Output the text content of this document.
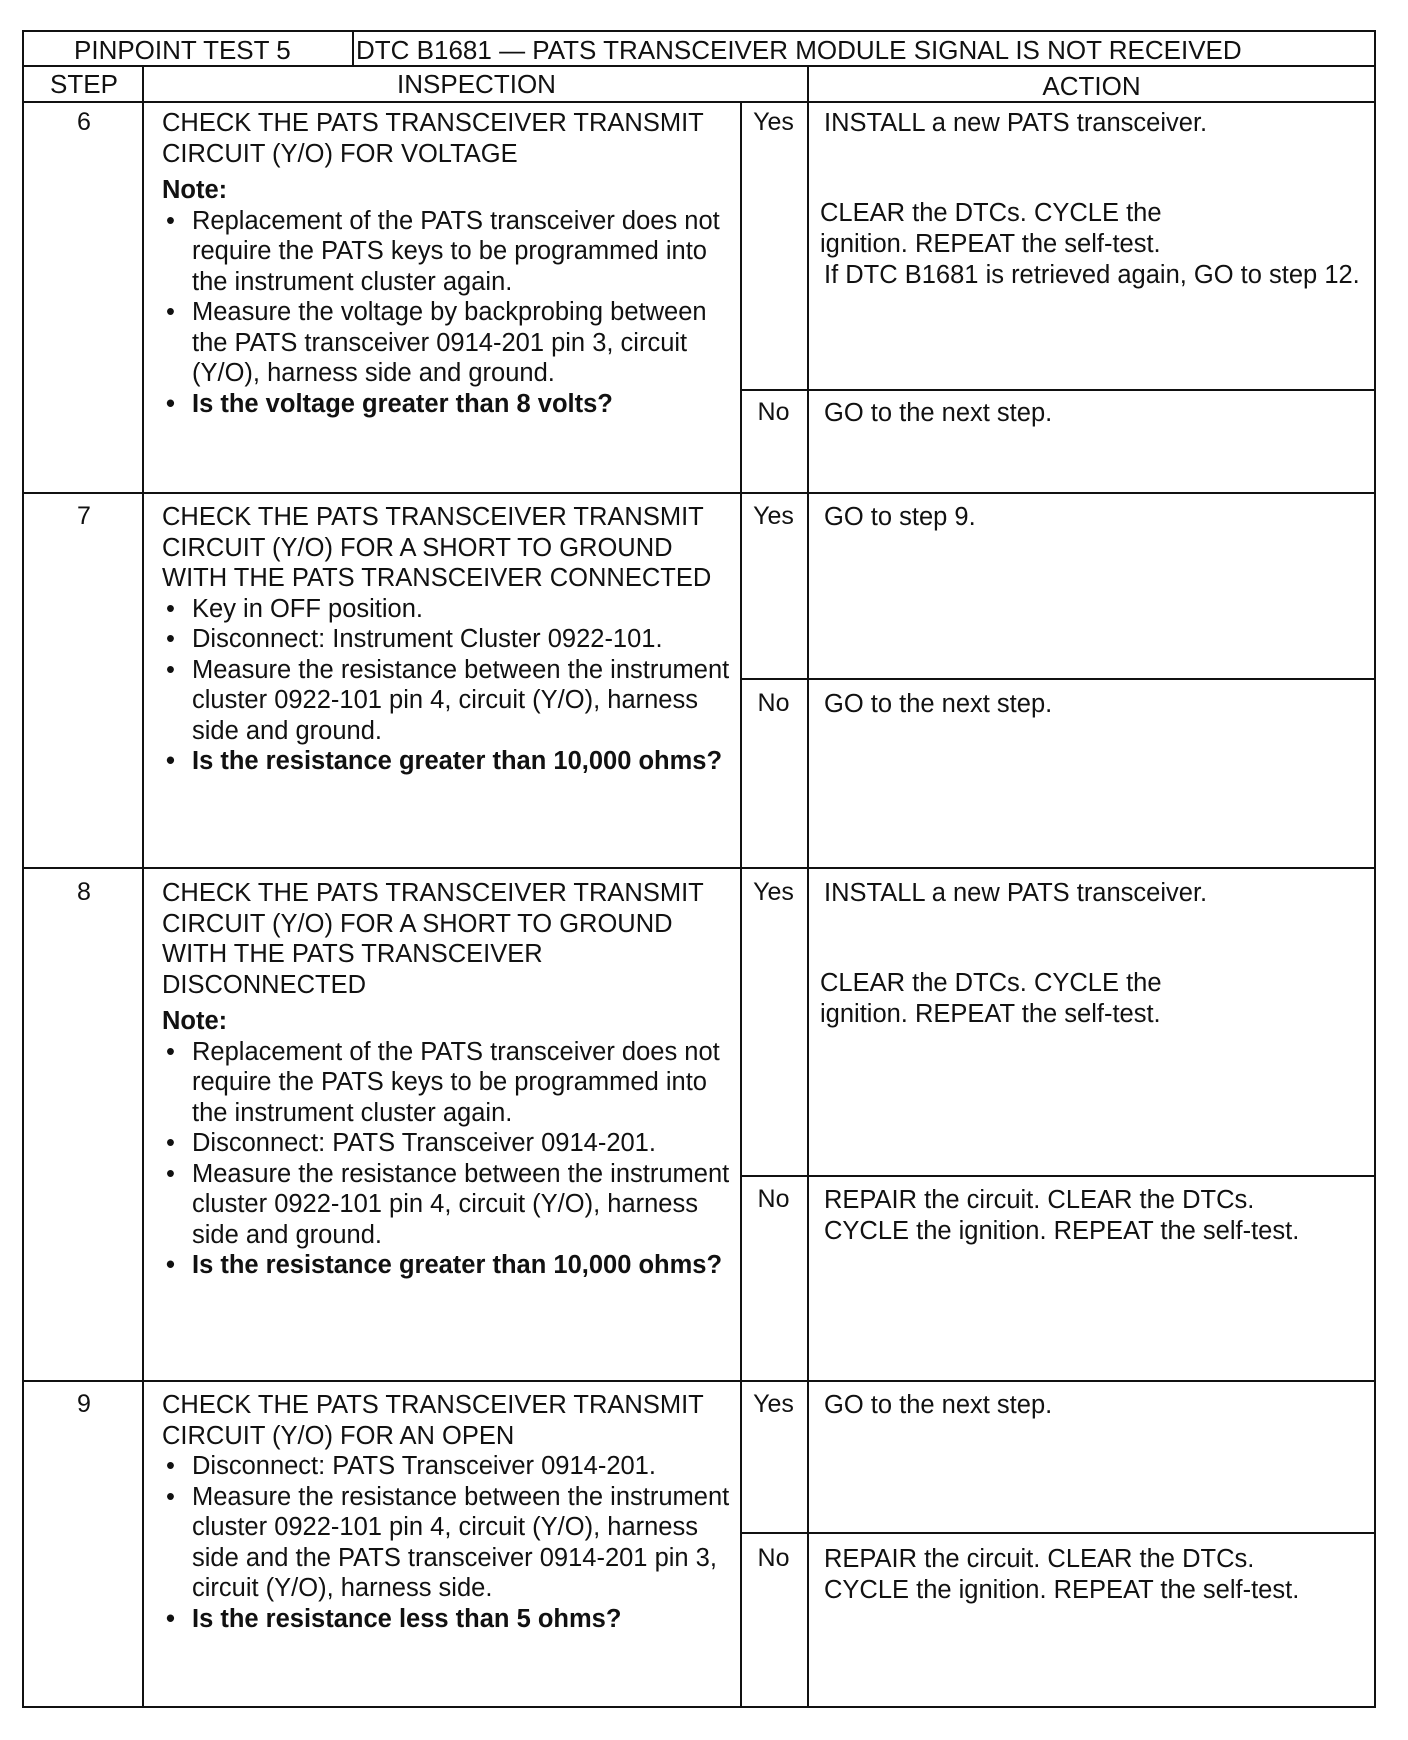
PINPOINT TEST 5	DTC B1681 — PATS TRANSCEIVER MODULE SIGNAL IS NOT RECEIVED
STEP	INSPECTION	ACTION
6	CHECK THE PATS TRANSCEIVER TRANSMIT CIRCUIT (Y/O) FOR VOLTAGE
Note:
• Replacement of the PATS transceiver does not require the PATS keys to be programmed into the instrument cluster again.
• Measure the voltage by backprobing between the PATS transceiver 0914-201 pin 3, circuit (Y/O), harness side and ground.
• Is the voltage greater than 8 volts?
Yes	INSTALL a new PATS transceiver.
CLEAR the DTCs. CYCLE the ignition. REPEAT the self-test.
If DTC B1681 is retrieved again, GO to step 12.
No	GO to the next step.
7	CHECK THE PATS TRANSCEIVER TRANSMIT CIRCUIT (Y/O) FOR A SHORT TO GROUND WITH THE PATS TRANSCEIVER CONNECTED
• Key in OFF position.
• Disconnect: Instrument Cluster 0922-101.
• Measure the resistance between the instrument cluster 0922-101 pin 4, circuit (Y/O), harness side and ground.
• Is the resistance greater than 10,000 ohms?
Yes	GO to step 9.
No	GO to the next step.
8	CHECK THE PATS TRANSCEIVER TRANSMIT CIRCUIT (Y/O) FOR A SHORT TO GROUND WITH THE PATS TRANSCEIVER DISCONNECTED
Note:
• Replacement of the PATS transceiver does not require the PATS keys to be programmed into the instrument cluster again.
• Disconnect: PATS Transceiver 0914-201.
• Measure the resistance between the instrument cluster 0922-101 pin 4, circuit (Y/O), harness side and ground.
• Is the resistance greater than 10,000 ohms?
Yes	INSTALL a new PATS transceiver.
CLEAR the DTCs. CYCLE the ignition. REPEAT the self-test.
No	REPAIR the circuit. CLEAR the DTCs. CYCLE the ignition. REPEAT the self-test.
9	CHECK THE PATS TRANSCEIVER TRANSMIT CIRCUIT (Y/O) FOR AN OPEN
• Disconnect: PATS Transceiver 0914-201.
• Measure the resistance between the instrument cluster 0922-101 pin 4, circuit (Y/O), harness side and the PATS transceiver 0914-201 pin 3, circuit (Y/O), harness side.
• Is the resistance less than 5 ohms?
Yes	GO to the next step.
No	REPAIR the circuit. CLEAR the DTCs. CYCLE the ignition. REPEAT the self-test.
